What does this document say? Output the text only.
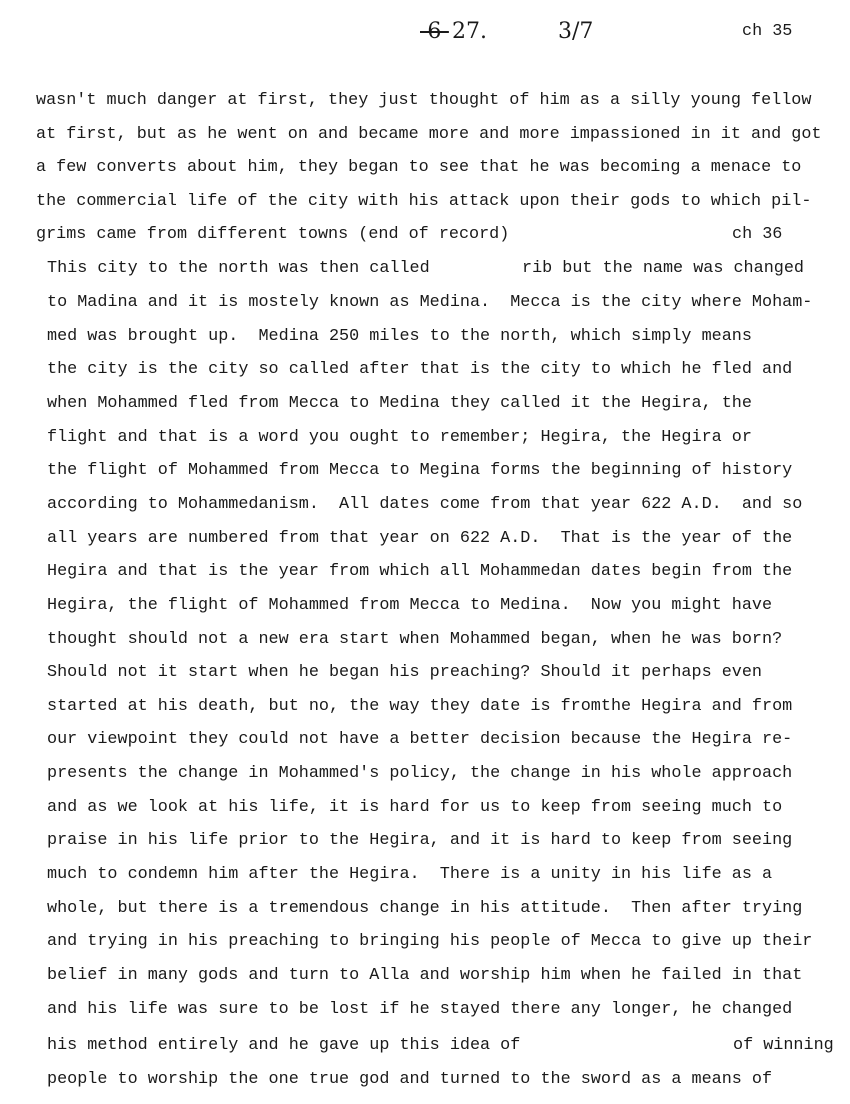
-6- 27.	3/7	ch 35
wasn't much danger at first, they just thought of him as a silly young fellow
at first, but as he went on and became more and more impassioned in it and got
a few converts about him, they began to see that he was becoming a menace to
the commercial life of the city with his attack upon their gods to which pil-
grims came from different towns (end of record)	ch 36
This city to the north was then called	rib but the name was changed
to Madina and it is mostely known as Medina.  Mecca is the city where Moham-
med was brought up.  Medina 250 miles to the north, which simply means
the city is the city so called after that is the city to which he fled and
when Mohammed fled from Mecca to Medina they called it the Hegira, the
flight and that is a word you ought to remember; Hegira, the Hegira or
the flight of Mohammed from Mecca to Megina forms the beginning of history
according to Mohammedanism.  All dates come from that year 622 A.D.  and so
all years are numbered from that year on 622 A.D.  That is the year of the
Hegira and that is the year from which all Mohammedan dates begin from the
Hegira, the flight of Mohammed from Mecca to Medina.  Now you might have
thought should not a new era start when Mohammed began, when he was born?
Should not it start when he began his preaching? Should it perhaps even
started at his death, but no, the way they date is fromthe Hegira and from
our viewpoint they could not have a better decision because the Hegira re-
presents the change in Mohammed's policy, the change in his whole approach
and as we look at his life, it is hard for us to keep from seeing much to
praise in his life prior to the Hegira, and it is hard to keep from seeing
much to condemn him after the Hegira.  There is a unity in his life as a
whole, but there is a tremendous change in his attitude.  Then after trying
and trying in his preaching to bringing his people of Mecca to give up their
belief in many gods and turn to Alla and worship him when he failed in that
and his life was sure to be lost if he stayed there any longer, he changed
his method entirely and he gave up this idea of	of winning
people to worship the one true god and turned to the sword as a means of
